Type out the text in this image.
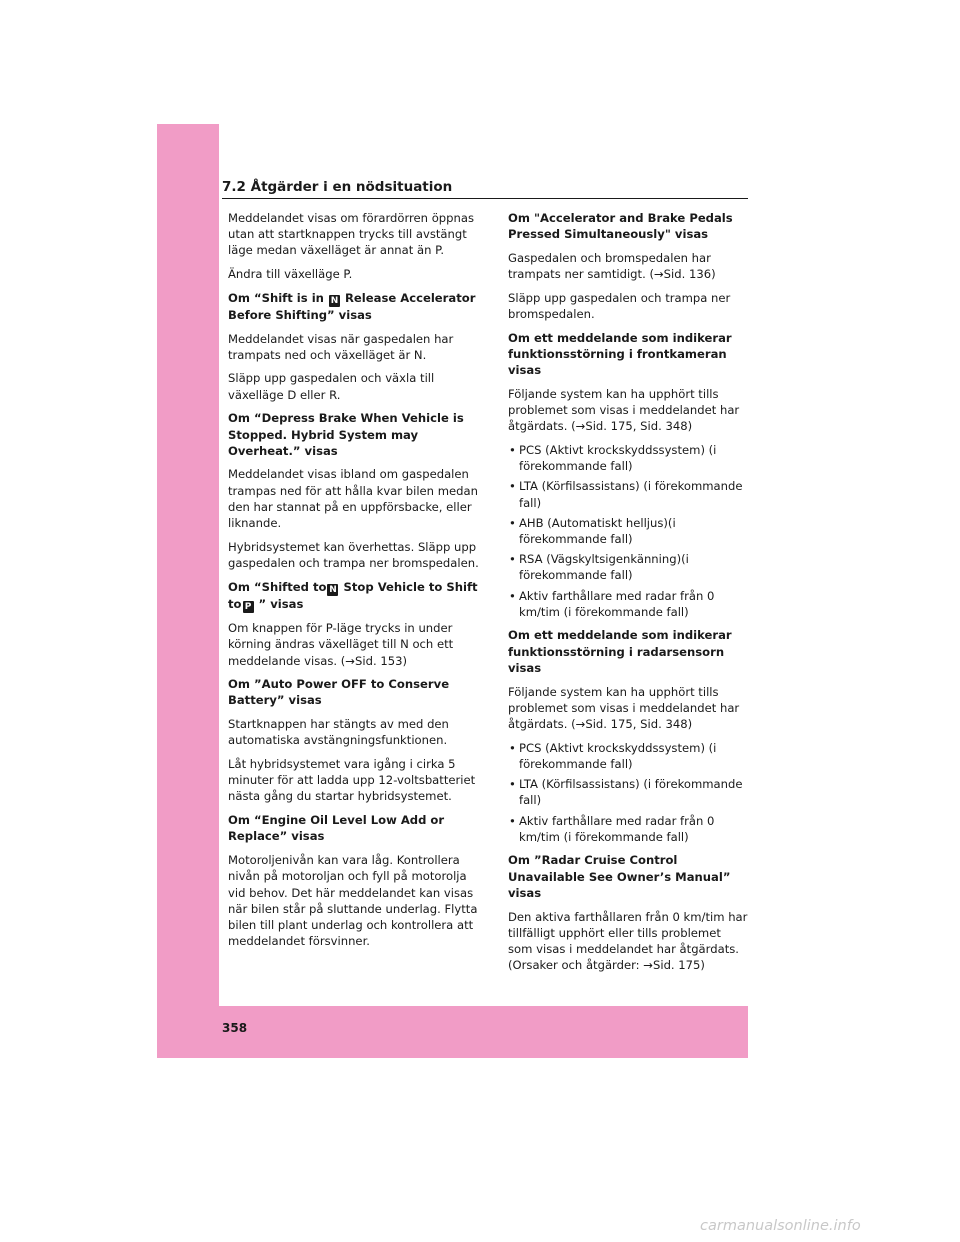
358
7.2 Åtgärder i en nödsituation

Meddelandet visas om förardörren öppnas utan att startknappen trycks till avstängt läge medan växelläget är annat än P.

Ändra till växelläge P.

Om “Shift is in N Release Accelerator Before Shifting” visas

Meddelandet visas när gaspedalen har trampats ned och växelläget är N.

Släpp upp gaspedalen och växla till växelläge D eller R.

Om “Depress Brake When Vehicle is Stopped. Hybrid System may Overheat.” visas

Meddelandet visas ibland om gaspedalen trampas ned för att hålla kvar bilen medan den har stannat på en uppförsbacke, eller liknande.

Hybridsystemet kan överhettas. Släpp upp gaspedalen och trampa ner bromspedalen.

Om “Shifted to N Stop Vehicle to Shift to P ” visas

Om knappen för P-läge trycks in under körning ändras växelläget till N och ett meddelande visas. (→Sid. 153)

Om ”Auto Power OFF to Conserve Battery” visas

Startknappen har stängts av med den automatiska avstängningsfunktionen.

Låt hybridsystemet vara igång i cirka 5 minuter för att ladda upp 12-voltsbatteriet nästa gång du startar hybridsystemet.

Om “Engine Oil Level Low Add or Replace” visas

Motoroljenivån kan vara låg. Kontrollera nivån på motoroljan och fyll på motorolja vid behov. Det här meddelandet kan visas när bilen står på sluttande underlag. Flytta bilen till plant underlag och kontrollera att meddelandet försvinner.

Om "Accelerator and Brake Pedals Pressed Simultaneously" visas

Gaspedalen och bromspedalen har trampats ner samtidigt. (→Sid. 136)

Släpp upp gaspedalen och trampa ner bromspedalen.

Om ett meddelande som indikerar funktionsstörning i frontkameran visas

Följande system kan ha upphört tills problemet som visas i meddelandet har åtgärdats. (→Sid. 175, Sid. 348)

• PCS (Aktivt krockskyddssystem) (i förekommande fall)
• LTA (Körfilsassistans) (i förekommande fall)
• AHB (Automatiskt helljus)(i förekommande fall)
• RSA (Vägskyltsigenkänning)(i förekommande fall)
• Aktiv farthållare med radar från 0 km/tim (i förekommande fall)

Om ett meddelande som indikerar funktionsstörning i radarsensorn visas

Följande system kan ha upphört tills problemet som visas i meddelandet har åtgärdats. (→Sid. 175, Sid. 348)

• PCS (Aktivt krockskyddssystem) (i förekommande fall)
• LTA (Körfilsassistans) (i förekommande fall)
• Aktiv farthållare med radar från 0 km/tim (i förekommande fall)

Om ”Radar Cruise Control Unavailable See Owner’s Manual” visas

Den aktiva farthållaren från 0 km/tim har tillfälligt upphört eller tills problemet som visas i meddelandet har åtgärdats. (Orsaker och åtgärder: →Sid. 175)

carmanualsonline.info
